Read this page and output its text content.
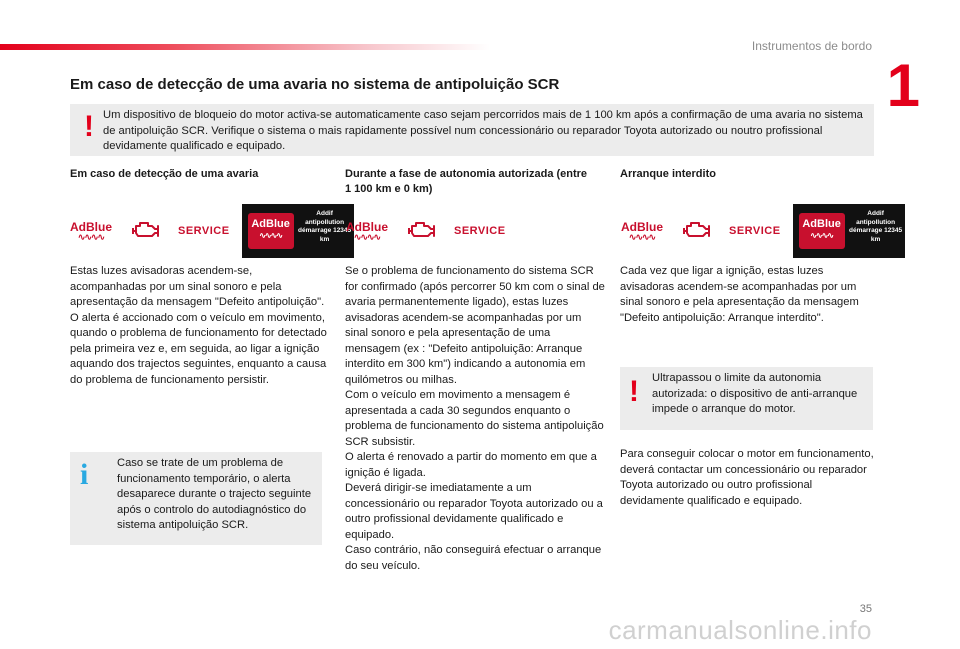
Instrumentos de bordo
1
Em caso de detecção de uma avaria no sistema de antipoluição SCR
! Um dispositivo de bloqueio do motor activa-se automaticamente caso sejam percorridos mais de 1 100 km após a confirmação de uma avaria no sistema de antipoluição SCR. Verifique o sistema o mais rapidamente possível num concessionário ou reparador Toyota autorizado ou noutro profissional devidamente qualificado e equipado.
Em caso de detecção de uma avaria
AdBlue
∿∿∿∿	SERVICE
AdBlue
∿∿∿∿
Addif antipollution démarrage 12345 km
Estas luzes avisadoras acendem-se, acompanhadas por um sinal sonoro e pela apresentação da mensagem "Defeito antipoluição".
O alerta é accionado com o veículo em movimento, quando o problema de funcionamento for detectado pela primeira vez e, em seguida, ao ligar a ignição aquando dos trajectos seguintes, enquanto a causa do problema de funcionamento persistir.
i	Caso se trate de um problema de funcionamento temporário, o alerta desaparece durante o trajecto seguinte após o controlo do autodiagnóstico do sistema antipoluição SCR.
Durante a fase de autonomia autorizada (entre 1 100 km e 0 km)
AdBlue
∿∿∿∿	SERVICE
Se o problema de funcionamento do sistema SCR for confirmado (após percorrer 50 km com o sinal de avaria permanentemente ligado), estas luzes avisadoras acendem-se acompanhadas por um sinal sonoro e pela apresentação de uma mensagem (ex : "Defeito antipoluição: Arranque interdito em 300 km") indicando a autonomia em quilómetros ou milhas.
Com o veículo em movimento a mensagem é apresentada a cada 30 segundos enquanto o problema de funcionamento do sistema antipoluição SCR subsistir.
O alerta é renovado a partir do momento em que a ignição é ligada.
Deverá dirigir-se imediatamente a um concessionário ou reparador Toyota autorizado ou a outro profissional devidamente qualificado e equipado.
Caso contrário, não conseguirá efectuar o arranque do seu veículo.
Arranque interdito
AdBlue
∿∿∿∿	SERVICE
AdBlue
∿∿∿∿
Addif antipollution démarrage 12345 km
Cada vez que ligar a ignição, estas luzes avisadoras acendem-se acompanhadas por um sinal sonoro e pela apresentação da mensagem "Defeito antipoluição: Arranque interdito".
! Ultrapassou o limite da autonomia autorizada: o dispositivo de anti-arranque impede o arranque do motor.
Para conseguir colocar o motor em funcionamento, deverá contactar um concessionário ou reparador Toyota autorizado ou outro profissional devidamente qualificado e equipado.
35
carmanualsonline.info
